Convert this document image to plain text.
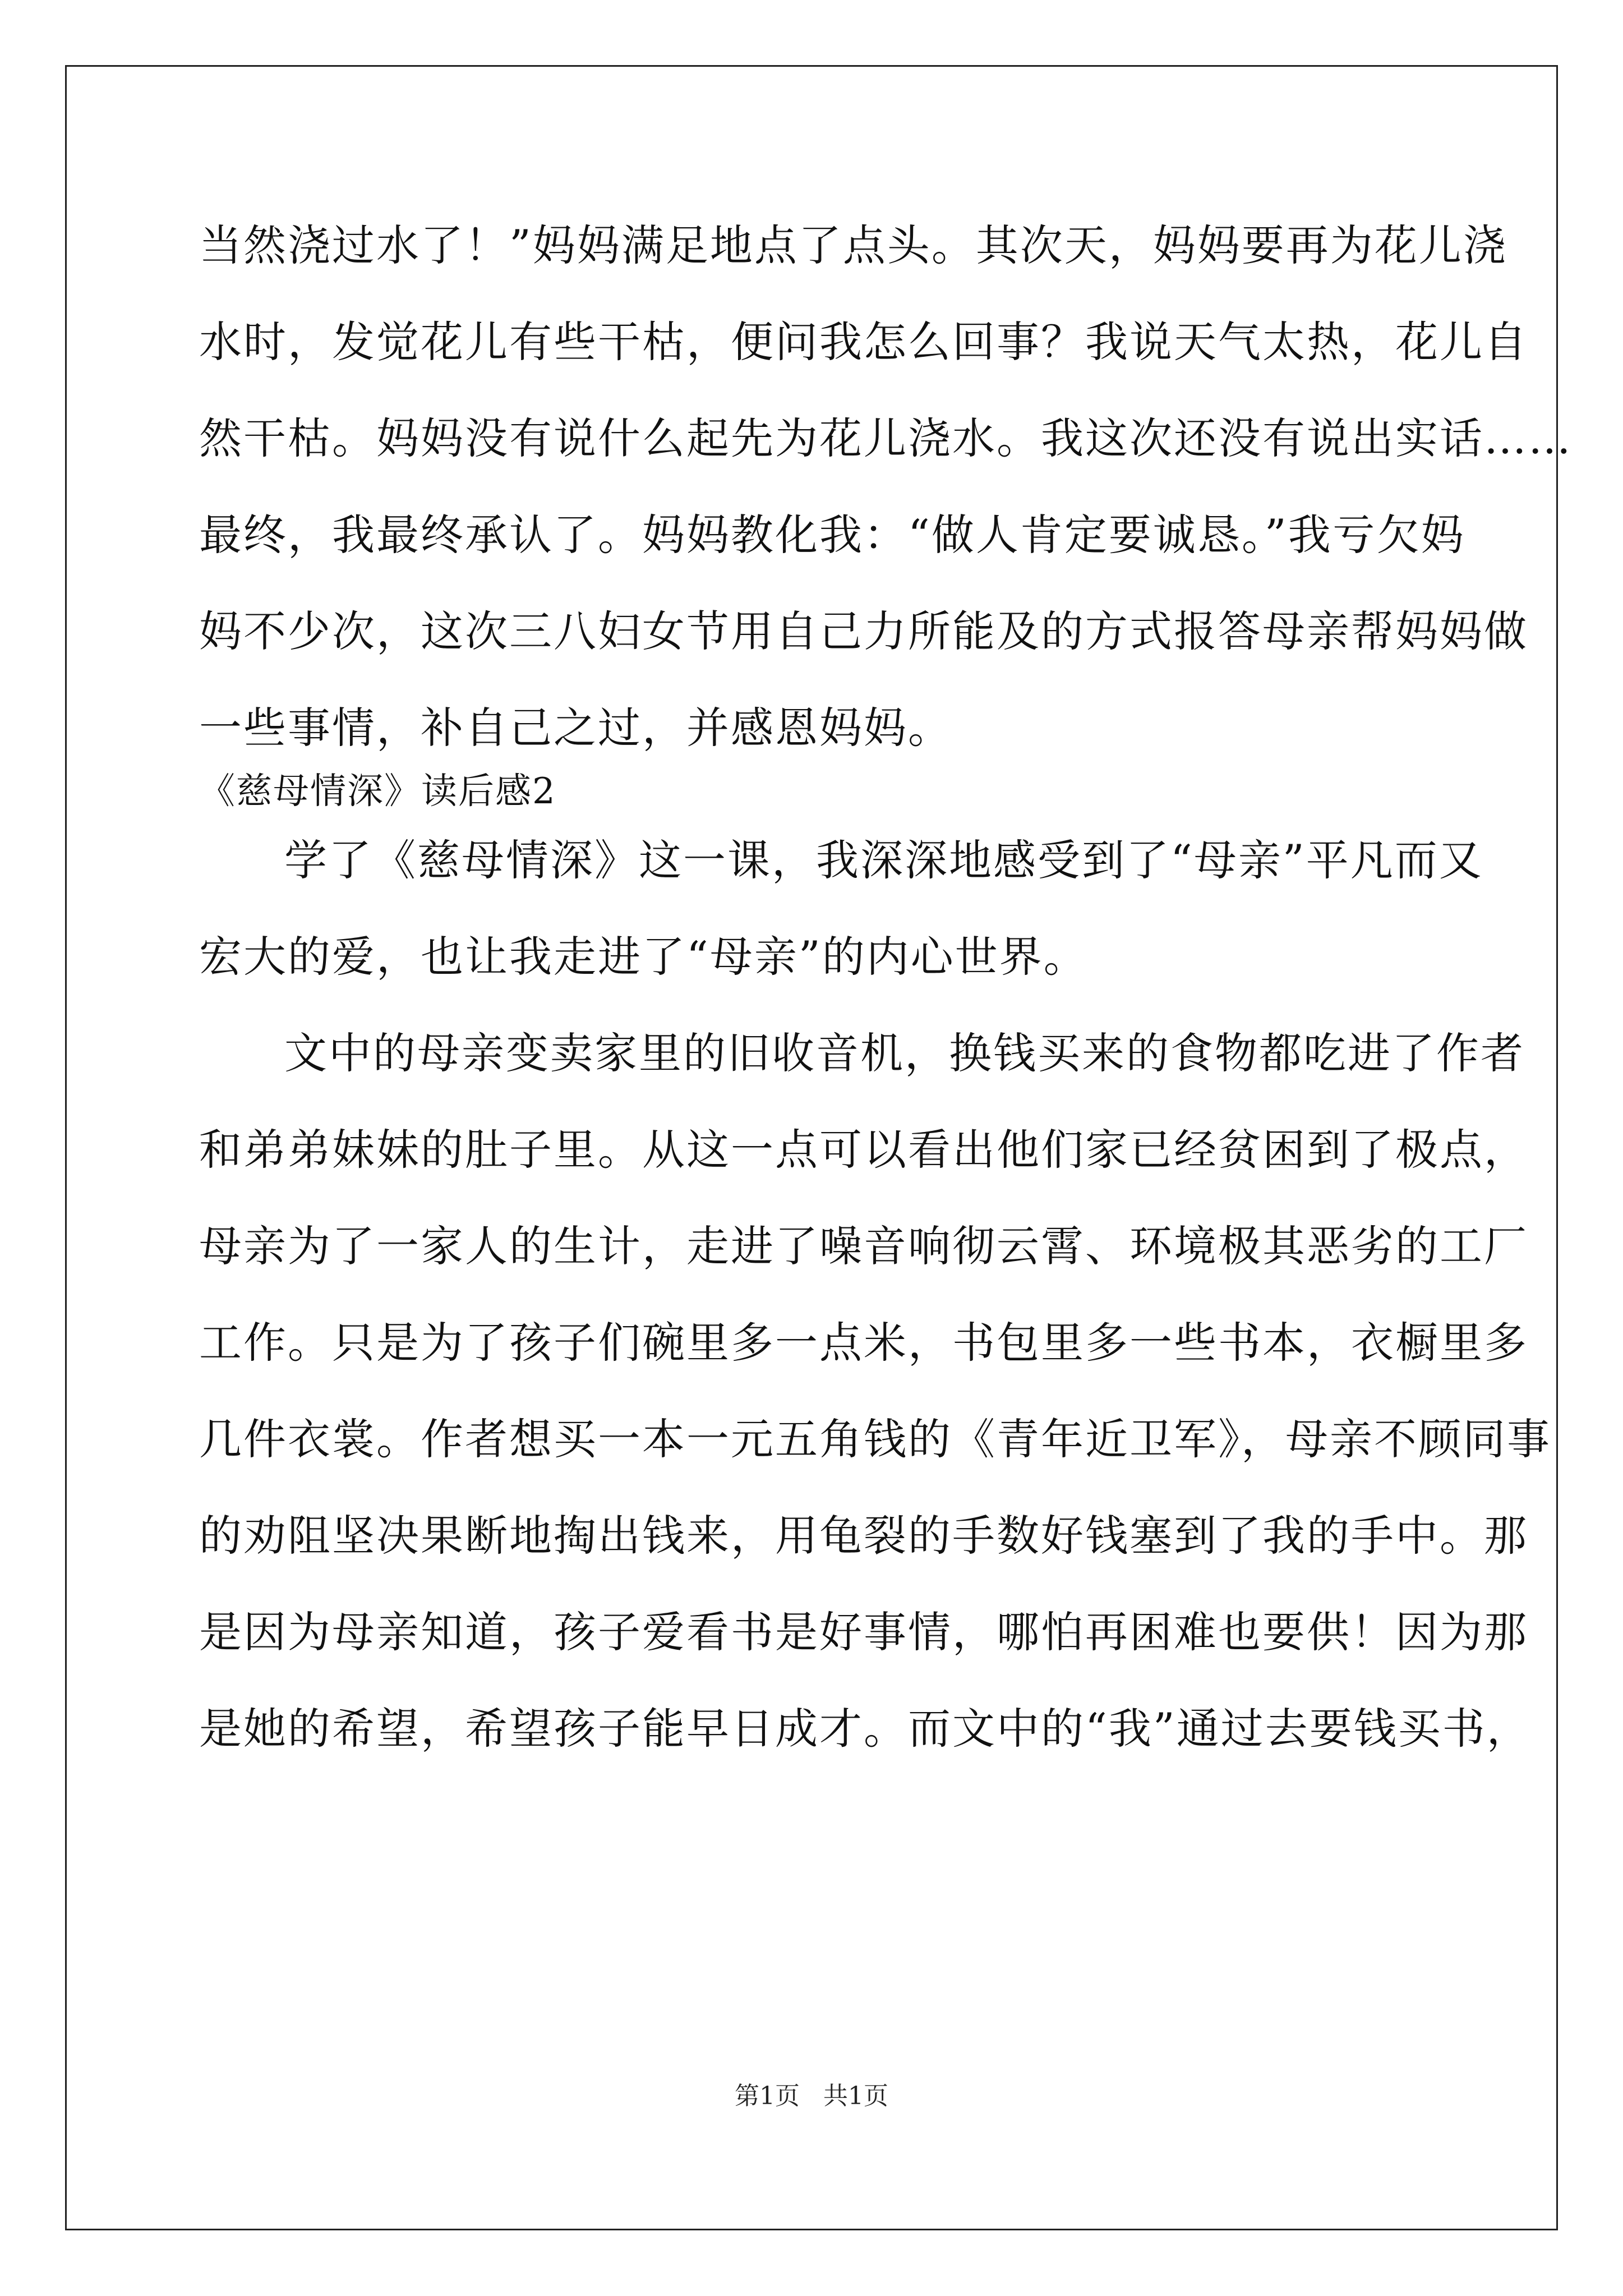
当然浇过水了！”妈妈满足地点了点头。其次天，妈妈要再为花儿浇
水时，发觉花儿有些干枯，便问我怎么回事？我说天气太热，花儿自
然干枯。妈妈没有说什么起先为花儿浇水。我这次还没有说出实话……
最终，我最终承认了。妈妈教化我：“做人肯定要诚恳。”我亏欠妈
妈不少次，这次三八妇女节用自己力所能及的方式报答母亲帮妈妈做
一些事情，补自己之过，并感恩妈妈。
《慈母情深》读后感2
学了《慈母情深》这一课，我深深地感受到了“母亲”平凡而又
宏大的爱，也让我走进了“母亲”的内心世界。
文中的母亲变卖家里的旧收音机，换钱买来的食物都吃进了作者
和弟弟妹妹的肚子里。从这一点可以看出他们家已经贫困到了极点，
母亲为了一家人的生计，走进了噪音响彻云霄、环境极其恶劣的工厂
工作。只是为了孩子们碗里多一点米，书包里多一些书本，衣橱里多
几件衣裳。作者想买一本一元五角钱的《青年近卫军》，母亲不顾同事
的劝阻坚决果断地掏出钱来，用龟裂的手数好钱塞到了我的手中。那
是因为母亲知道，孩子爱看书是好事情，哪怕再困难也要供！因为那
是她的希望，希望孩子能早日成才。而文中的“我”通过去要钱买书，
第1页   共1页
